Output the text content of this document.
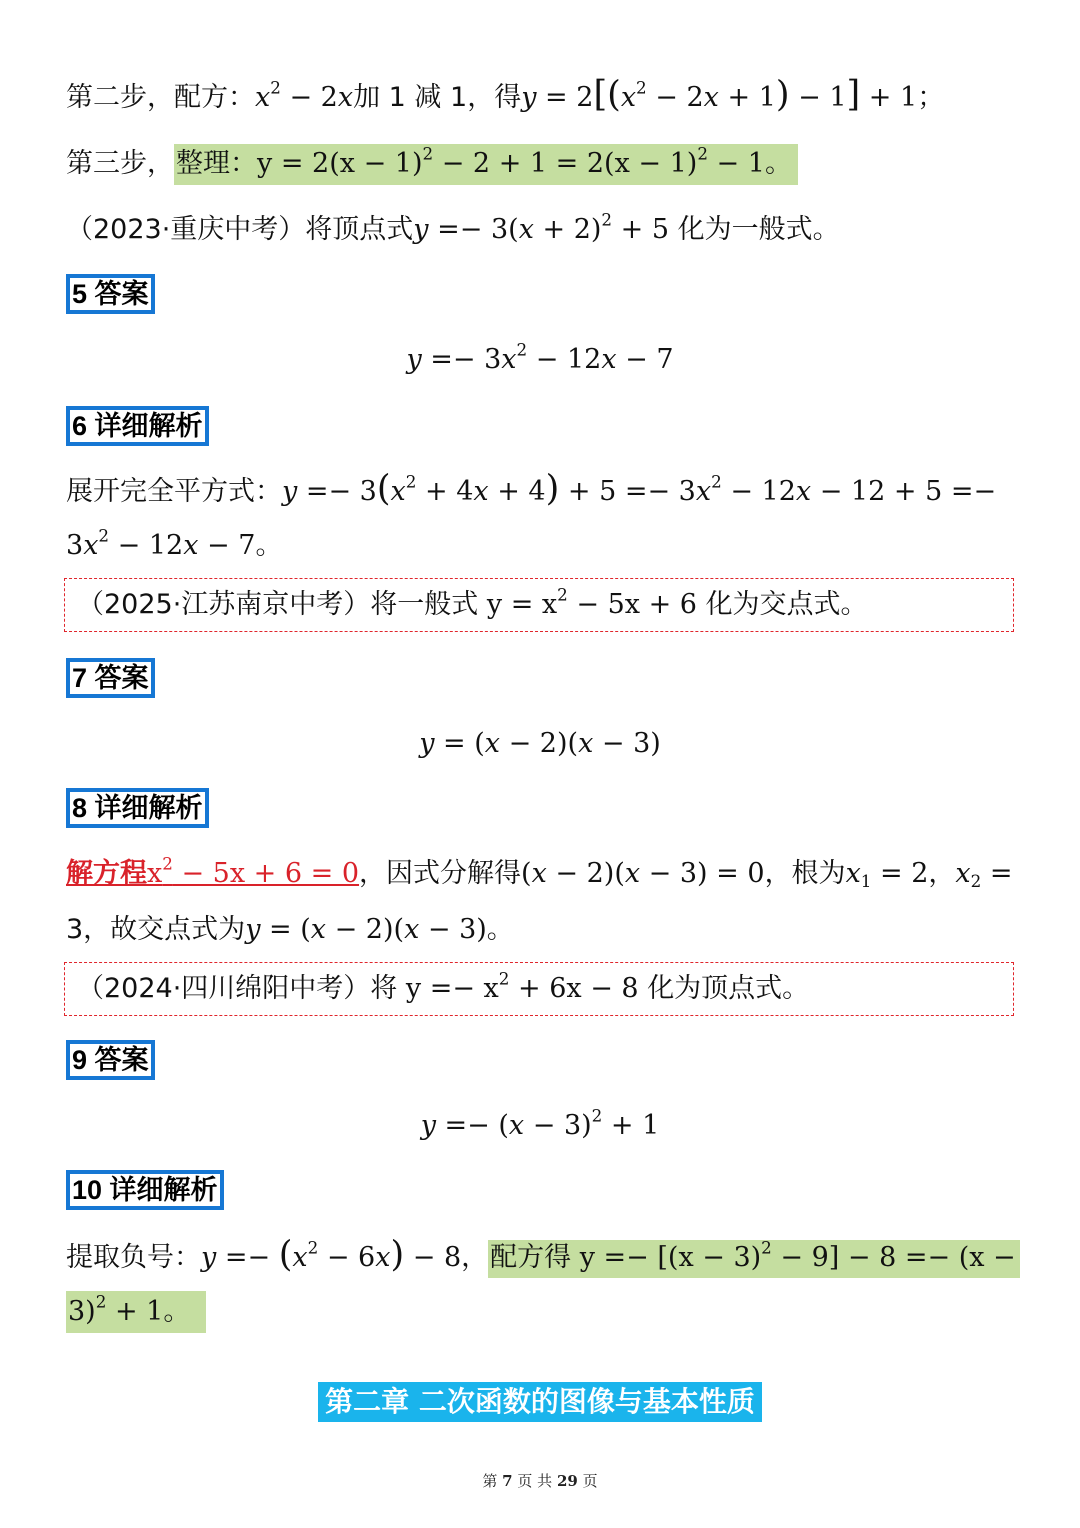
第二步，配方：$x^2 - 2x$加 1 减 1，得$y = 2[(x^2 - 2x + 1) - 1] + 1$；
第三步，整理：$y = 2(x - 1)^2 - 2 + 1 = 2(x - 1)^2 - 1$。
（2023·重庆中考）将顶点式$y =- 3(x + 2)^2 + 5$ 化为一般式。
5 答案
$y =- 3x^2 - 12x - 7$
6 详细解析
展开完全平方式：$y =- 3(x^2 + 4x + 4) + 5 =- 3x^2 - 12x - 12 + 5$ =−
$3x^2 - 12x - 7$。
（2025·江苏南京中考）将一般式 $y = x^2 - 5x + 6$ 化为交点式。
7 答案
y = (x − 2)(x − 3)
8 详细解析
解方程$x^2 - 5x + 6 = 0$，因式分解得(x − 2)(x − 3) = 0，根为$x_1 = 2$，$x_2$ =
3，故交点式为y = (x − 2)(x − 3)。
（2024·四川绵阳中考）将 $y =- x^2 + 6x - 8$ 化为顶点式。
9 答案
$y =- (x - 3)^2 + 1$
10 详细解析
提取负号：$y =- (x^2 - 6x) - 8$，配方得 $y =- [(x - 3)^2 - 9] - 8 =- (x$ −
3)$^2$ + 1。
第二章 二次函数的图像与基本性质
第 7 页 共 29 页
